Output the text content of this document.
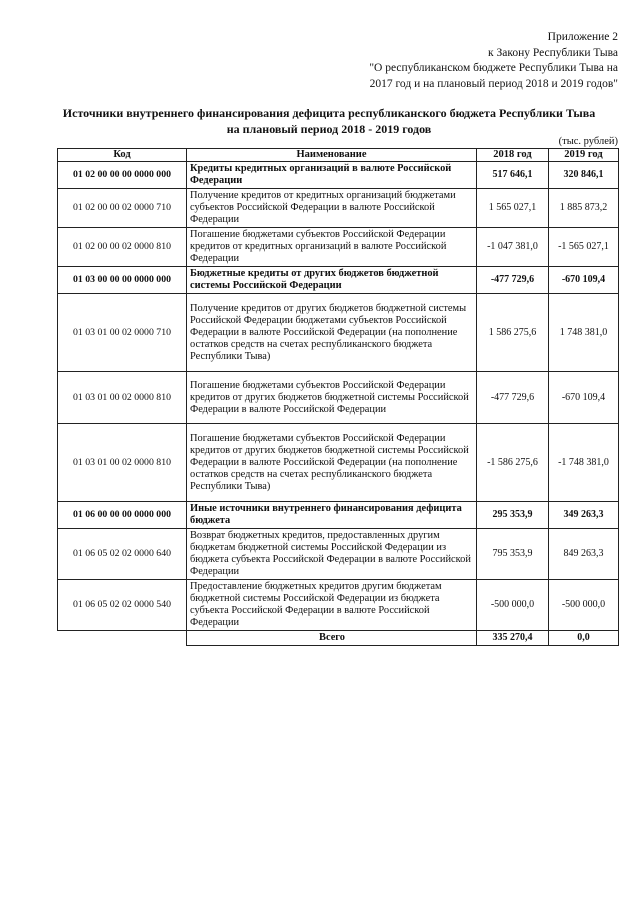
Приложение 2
к Закону Республики Тыва
"О республиканском бюджете Республики Тыва на
2017 год и на плановый период 2018 и 2019 годов"
Источники внутреннего финансирования дефицита республиканского бюджета Республики Тыва
на плановый период 2018 - 2019 годов
(тыс. рублей)
Код	Наименование	2018 год	2019 год
01 02 00 00 00 0000 000	Кредиты кредитных организаций в валюте Российской Федерации	517 646,1	320 846,1
01 02 00 00 02 0000 710	Получение кредитов от кредитных организаций бюджетами субъектов Российской Федерации в валюте Российской Федерации	1 565 027,1	1 885 873,2
01 02 00 00 02 0000 810	Погашение бюджетами субъектов Российской Федерации кредитов от кредитных организаций в валюте Российской Федерации	-1 047 381,0	-1 565 027,1
01 03 00 00 00 0000 000	Бюджетные кредиты от других бюджетов бюджетной системы Российской Федерации	-477 729,6	-670 109,4
01 03 01 00 02 0000 710	Получение кредитов от других бюджетов бюджетной системы Российской Федерации бюджетами субъектов Российской Федерации в валюте Российской Федерации (на пополнение остатков средств на счетах республиканского бюджета Республики Тыва)	1 586 275,6	1 748 381,0
01 03 01 00 02 0000 810	Погашение бюджетами субъектов Российской Федерации кредитов от других бюджетов бюджетной системы Российской Федерации в валюте Российской Федерации	-477 729,6	-670 109,4
01 03 01 00 02 0000 810	Погашение бюджетами субъектов Российской Федерации кредитов от других бюджетов бюджетной системы Российской Федерации в валюте Российской Федерации (на пополнение остатков средств на счетах республиканского бюджета Республики Тыва)	-1 586 275,6	-1 748 381,0
01 06 00 00 00 0000 000	Иные источники внутреннего финансирования дефицита бюджета	295 353,9	349 263,3
01 06 05 02 02 0000 640	Возврат бюджетных кредитов, предоставленных другим бюджетам бюджетной системы Российской Федерации из бюджета субъекта Российской Федерации в валюте Российской Федерации	795 353,9	849 263,3
01 06 05 02 02 0000 540	Предоставление бюджетных кредитов другим бюджетам бюджетной системы Российской Федерации из бюджета субъекта Российской Федерации в валюте Российской Федерации	-500 000,0	-500 000,0
	Всего	335 270,4	0,0
